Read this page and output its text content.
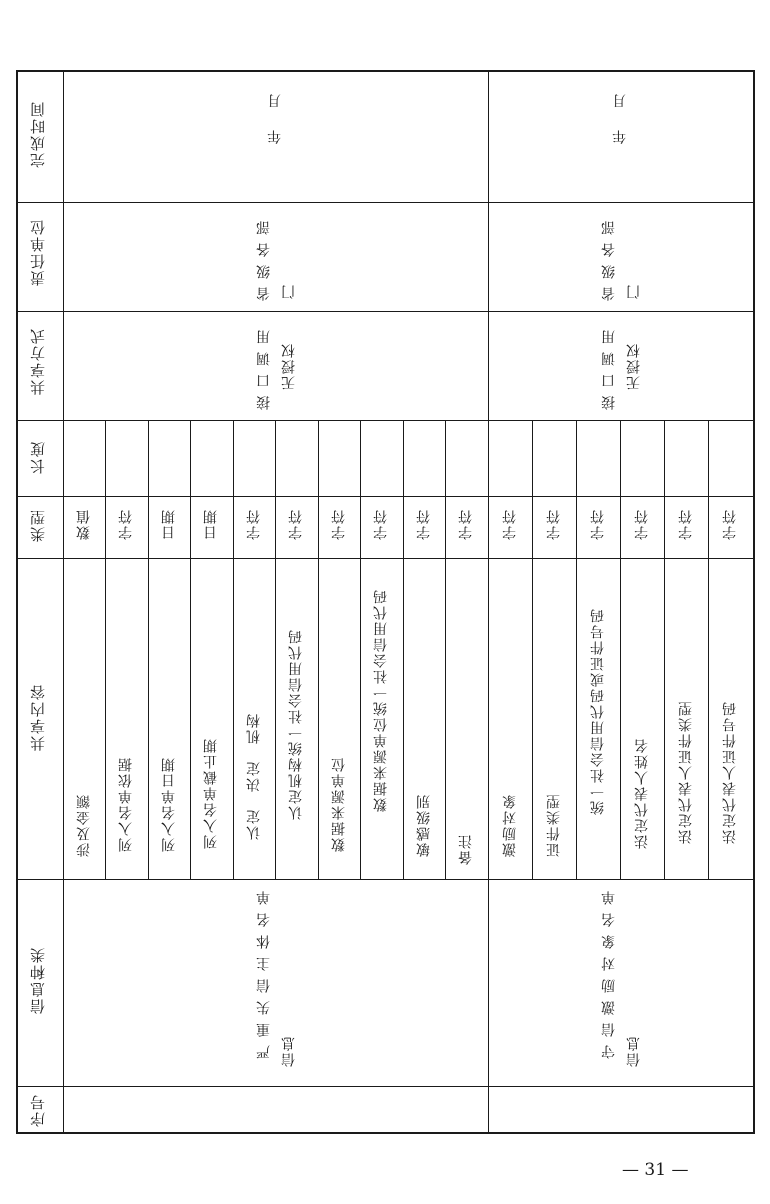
完成时间
责任单位
共享方式
长度
类型
共享内容
信息种类
序号
年
月
省级各部 门
接口调用 无授权
严重失信主体名单 信息
涉及金额
数值
列入名单依据
字符
列入名单日期
日期
列入名单截止期
日期
认定　决定　机构
字符
认定机构统一社会信用代码
字符
数据来源单位
字符
数据来源单位统一社会信用代码
字符
敏感级别
字符
备注
字符
年
月
省级各部 门
接口调用 无授权
守信激励对象名单 信息
激励对象
字符
证件类型
字符
统一社会信用代码或证件号码
字符
法定代表人姓名
字符
法定代表人证件类型
字符
法定代表人证件号码
字符
— 31 —
